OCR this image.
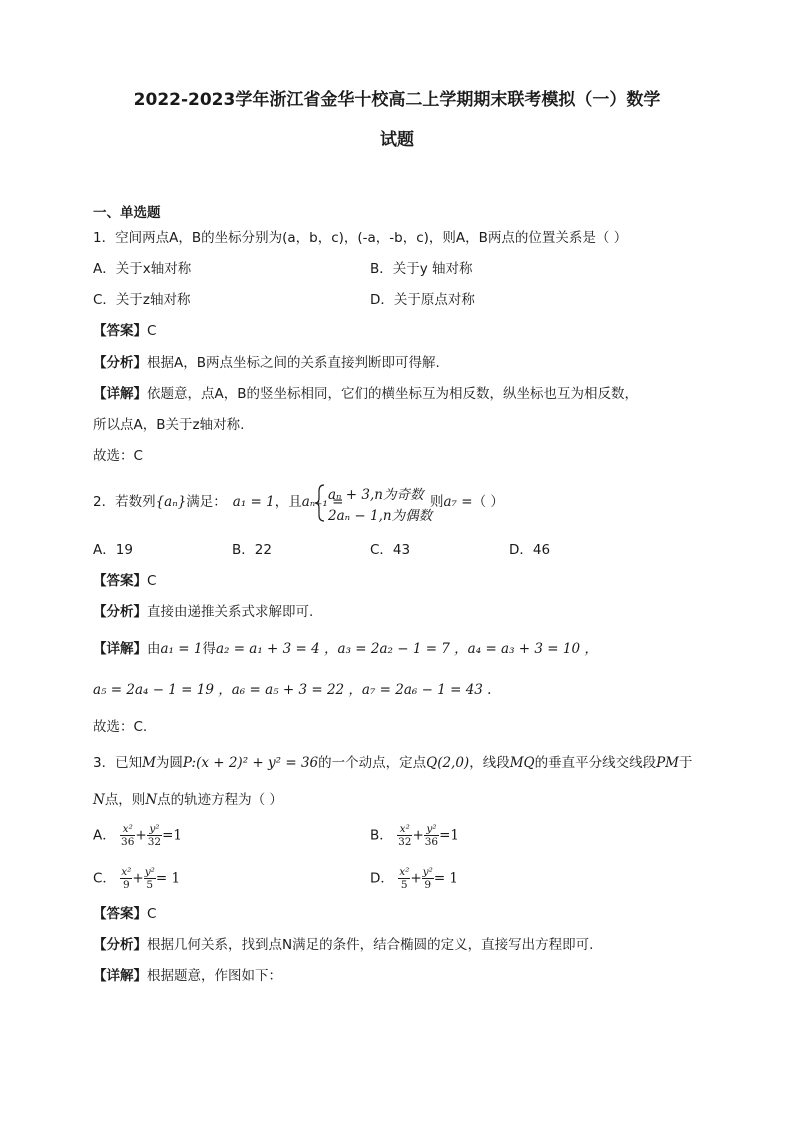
2022-2023学年浙江省金华十校高二上学期期末联考模拟（一）数学
试题
一、单选题
1．空间两点A，B的坐标分别为(a，b，c)，(-a，-b，c)，则A，B两点的位置关系是（ ）
A．关于x轴对称	B．关于y 轴对称
C．关于z轴对称	D．关于原点对称
【答案】C
【分析】根据A，B两点坐标之间的关系直接判断即可得解.
【详解】依题意，点A，B的竖坐标相同，它们的横坐标互为相反数，纵坐标也互为相反数，
所以点A，B关于z轴对称.
故选：C
2．若数列{aₙ}满足： a₁ = 1，且aₙ₊₁ =
aₙ + 3,n为奇数
2aₙ − 1,n为偶数
则a₇ =（ ）
A．19	B．22	C．43	D．46
【答案】C
【分析】直接由递推关系式求解即可.
【详解】由a₁ = 1得a₂ = a₁ + 3 = 4 ，a₃ = 2a₂ − 1 = 7 ，a₄ = a₃ + 3 = 10 ，
a₅ = 2a₄ − 1 = 19 ，a₆ = a₅ + 3 = 22 ，a₇ = 2a₆ − 1 = 43 .
故选：C.
3．已知M为圆P:(x + 2)² + y² = 36的一个动点，定点Q(2,0)，线段MQ的垂直平分线交线段PM于
N点，则N点的轨迹方程为（ ）
A． $\frac{\text{x²}}{36} + \frac{\text{y²}}{32} =1$	B． $\frac{\text{x²}}{32} + \frac{\text{y²}}{36} =1$
C． $\frac{\text{x²}}{9} + \frac{\text{y²}}{5} = 1$	D． $\frac{\text{x²}}{5} + \frac{\text{y²}}{9} = 1$
【答案】C
【分析】根据几何关系，找到点N满足的条件，结合椭圆的定义，直接写出方程即可.
【详解】根据题意，作图如下：
